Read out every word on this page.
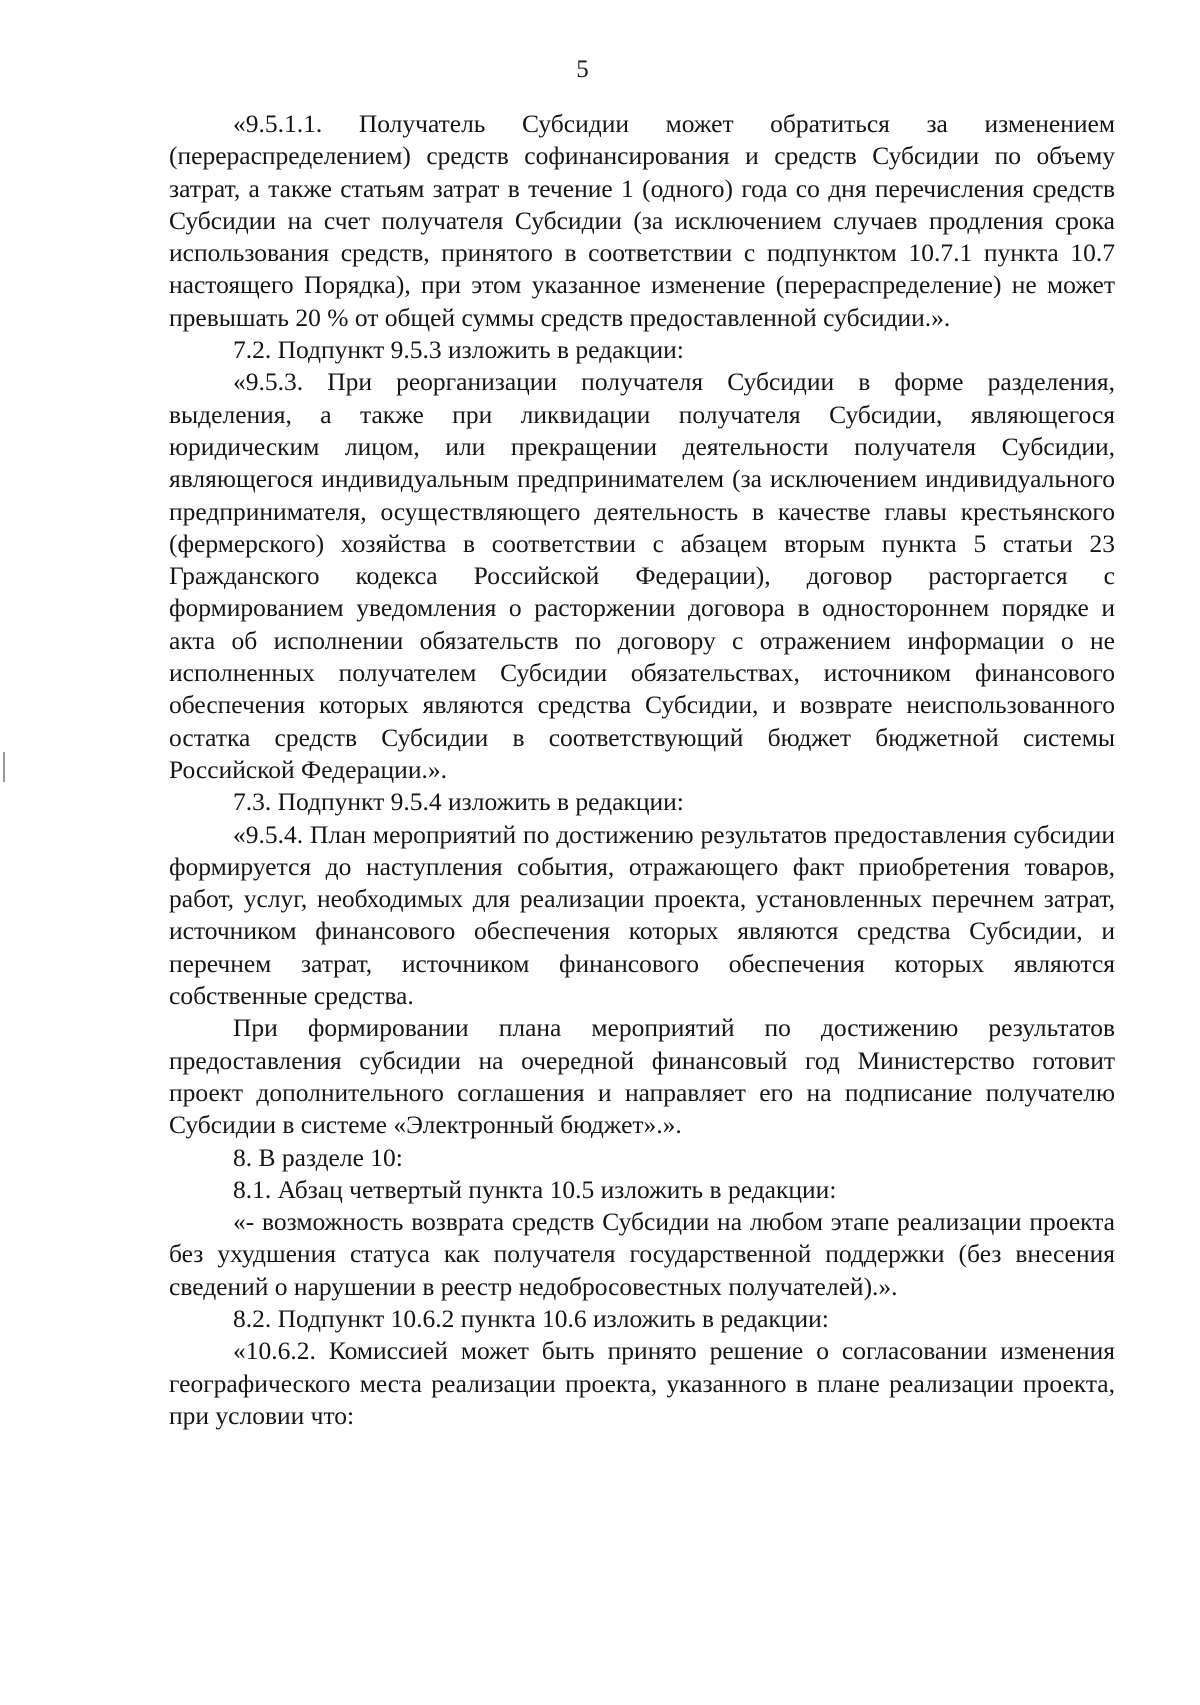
5

«9.5.1.1. Получатель Субсидии может обратиться за изменением (перераспределением) средств софинансирования и средств Субсидии по объему затрат, а также статьям затрат в течение 1 (одного) года со дня перечисления средств Субсидии на счет получателя Субсидии (за исключением случаев продления срока использования средств, принятого в соответствии с подпунктом 10.7.1 пункта 10.7 настоящего Порядка), при этом указанное изменение (перераспределение) не может превышать 20 % от общей суммы средств предоставленной субсидии.».

7.2. Подпункт 9.5.3 изложить в редакции:

«9.5.3. При реорганизации получателя Субсидии в форме разделения, выделения, а также при ликвидации получателя Субсидии, являющегося юридическим лицом, или прекращении деятельности получателя Субсидии, являющегося индивидуальным предпринимателем (за исключением индивидуального предпринимателя, осуществляющего деятельность в качестве главы крестьянского (фермерского) хозяйства в соответствии с абзацем вторым пункта 5 статьи 23 Гражданского кодекса Российской Федерации), договор расторгается с формированием уведомления о расторжении договора в одностороннем порядке и акта об исполнении обязательств по договору с отражением информации о не исполненных получателем Субсидии обязательствах, источником финансового обеспечения которых являются средства Субсидии, и возврате неиспользованного остатка средств Субсидии в соответствующий бюджет бюджетной системы Российской Федерации.».

7.3. Подпункт 9.5.4 изложить в редакции:

«9.5.4. План мероприятий по достижению результатов предоставления субсидии формируется до наступления события, отражающего факт приобретения товаров, работ, услуг, необходимых для реализации проекта, установленных перечнем затрат, источником финансового обеспечения которых являются средства Субсидии, и перечнем затрат, источником финансового обеспечения которых являются собственные средства.

При формировании плана мероприятий по достижению результатов предоставления субсидии на очередной финансовый год Министерство готовит проект дополнительного соглашения и направляет его на подписание получателю Субсидии в системе «Электронный бюджет».».

8. В разделе 10:

8.1. Абзац четвертый пункта 10.5 изложить в редакции:

«- возможность возврата средств Субсидии на любом этапе реализации проекта без ухудшения статуса как получателя государственной поддержки (без внесения сведений о нарушении в реестр недобросовестных получателей).».

8.2. Подпункт 10.6.2 пункта 10.6 изложить в редакции:

«10.6.2. Комиссией может быть принято решение о согласовании изменения географического места реализации проекта, указанного в плане реализации проекта, при условии что:
